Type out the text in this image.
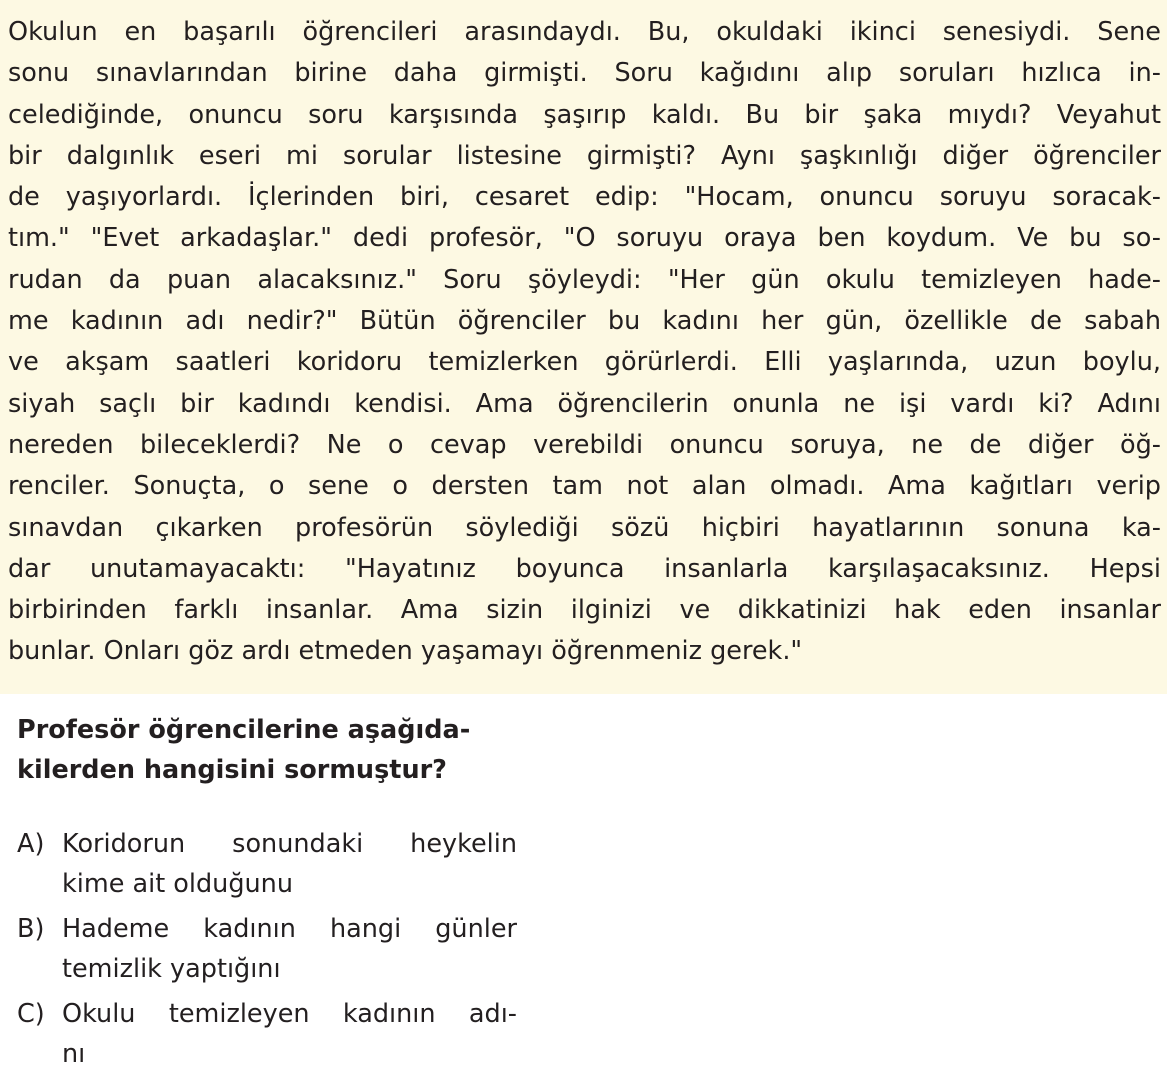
Okulun en başarılı öğrencileri arasındaydı. Bu, okuldaki ikinci senesiydi. Sene
sonu sınavlarından birine daha girmişti. Soru kağıdını alıp soruları hızlıca in-
celediğinde, onuncu soru karşısında şaşırıp kaldı. Bu bir şaka mıydı? Veyahut
bir dalgınlık eseri mi sorular listesine girmişti? Aynı şaşkınlığı diğer öğrenciler
de yaşıyorlardı. İçlerinden biri, cesaret edip: "Hocam, onuncu soruyu soracak-
tım." "Evet arkadaşlar." dedi profesör, "O soruyu oraya ben koydum. Ve bu so-
rudan da puan alacaksınız." Soru şöyleydi: "Her gün okulu temizleyen hade-
me kadının adı nedir?" Bütün öğrenciler bu kadını her gün, özellikle de sabah
ve akşam saatleri koridoru temizlerken görürlerdi. Elli yaşlarında, uzun boylu,
siyah saçlı bir kadındı kendisi. Ama öğrencilerin onunla ne işi vardı ki? Adını
nereden bileceklerdi? Ne o cevap verebildi onuncu soruya, ne de diğer öğ-
renciler. Sonuçta, o sene o dersten tam not alan olmadı. Ama kağıtları verip
sınavdan çıkarken profesörün söylediği sözü hiçbiri hayatlarının sonuna ka-
dar unutamayacaktı: "Hayatınız boyunca insanlarla karşılaşacaksınız. Hepsi
birbirinden farklı insanlar. Ama sizin ilginizi ve dikkatinizi hak eden insanlar
bunlar. Onları göz ardı etmeden yaşamayı öğrenmeniz gerek."
Profesör öğrencilerine aşağıda-
kilerden hangisini sormuştur?
A) Koridorun sonundaki heykelin
kime ait olduğunu
B) Hademe kadının hangi günler
temizlik yaptığını
C) Okulu temizleyen kadının adı-
nı
